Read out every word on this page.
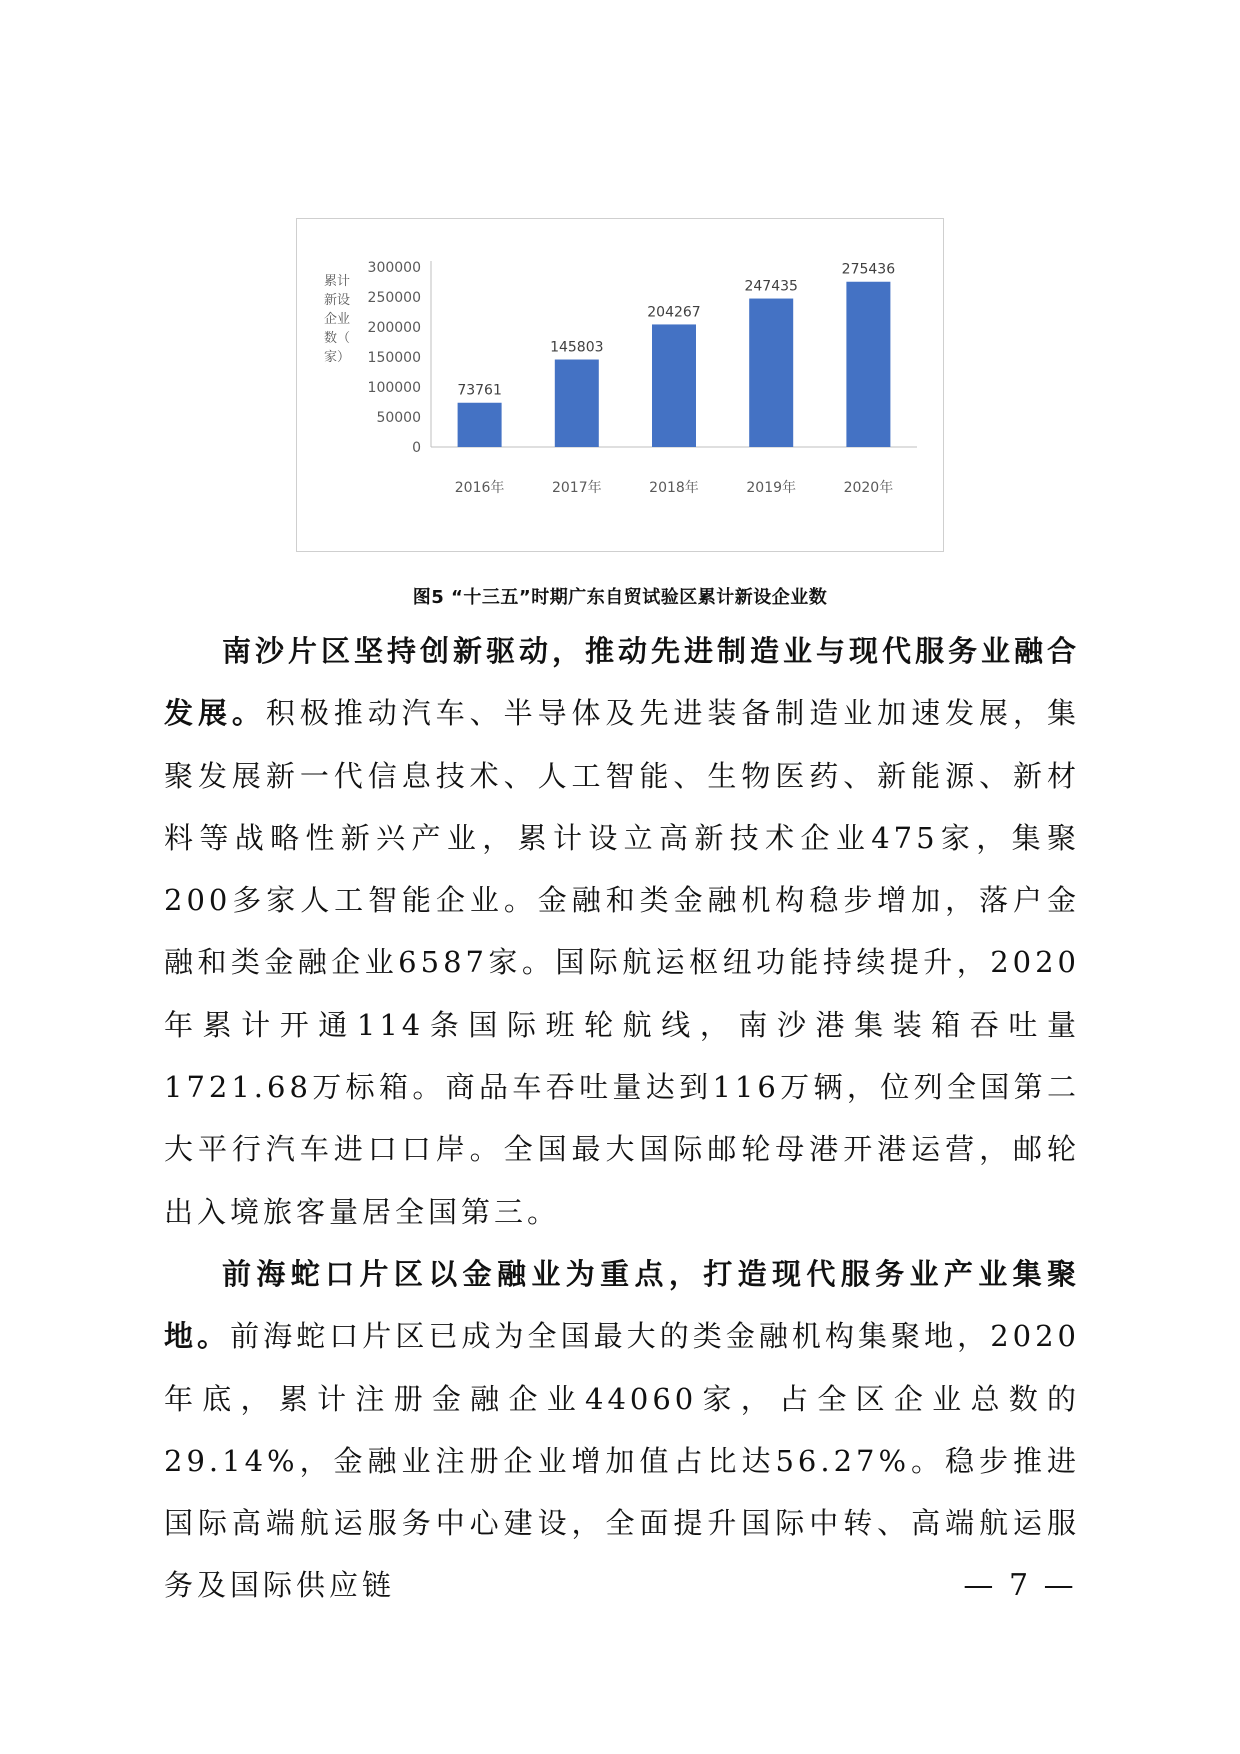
0
50000
100000
150000
200000
250000
300000
累计
新设
企业
数（
家）
73761
2016年
145803
2017年
204267
2018年
247435
2019年
275436
2020年
图5 “十三五”时期广东自贸试验区累计新设企业数

南沙片区坚持创新驱动，推动先进制造业与现代服务业融合发展。积极推动汽车、半导体及先进装备制造业加速发展，集聚发展新一代信息技术、人工智能、生物医药、新能源、新材料等战略性新兴产业，累计设立高新技术企业475家，集聚200多家人工智能企业。金融和类金融机构稳步增加，落户金融和类金融企业6587家。国际航运枢纽功能持续提升，2020年累计开通114条国际班轮航线，南沙港集装箱吞吐量1721.68万标箱。商品车吞吐量达到116万辆，位列全国第二大平行汽车进口口岸。全国最大国际邮轮母港开港运营，邮轮出入境旅客量居全国第三。

前海蛇口片区以金融业为重点，打造现代服务业产业集聚地。前海蛇口片区已成为全国最大的类金融机构集聚地，2020年底，累计注册金融企业44060家，占全区企业总数的29.14%，金融业注册企业增加值占比达56.27%。稳步推进国际高端航运服务中心建设，全面提升国际中转、高端航运服务及国际供应链	— 7 —
